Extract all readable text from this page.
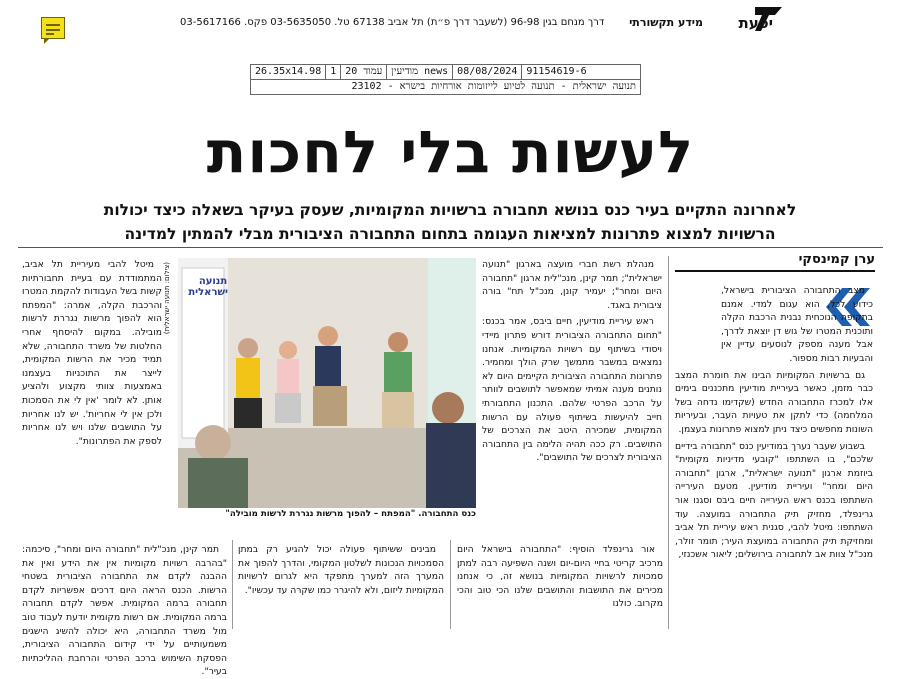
יפעת
מידע תקשורתי
דרך מנחם בגין 96-98 (לשעבר דרך פ״ת) תל אביב 67138 טל. 03-5635050 פקס. 03-5617166
26.35x14.98 1 עמוד 20 news מודיעין 08/08/2024 91154619-6
תנועה ישראלית - תנועה לטיוע לייזומות אורחיות בישרא - 23102
לעשות בלי לחכות
לאחרונה התקיים בעיר כנס בנושא תחבורה ברשויות המקומיות, שעסק בעיקר בשאלה כיצד יכולות
הרשויות למצוא פתרונות למציאות העגומה בתחום התחבורה הציבורית מבלי להמתין למדינה
ערן קמינסקי

מצב התחבורה הציבורית בישראל, כידוע לכל, הוא עגום למדי. אמנם בתקופה הנוכחית נבנית הרכבת הקלה ותוכנית המטרו של גוש דן יוצאת לדרך, אבל מענה מספק לנוסעים עדיין אין והבעיות רבות מספור.

גם ברשויות המקומיות הבינו את חומרת המצב כבר מזמן, כאשר בעיריית מודיעין מתכננים בימים אלו למכרז התחבורה החדש (שקדימו נדחה בשל המלחמה) כדי לתקן את טעויות העבר, ובעיריות השונות מחפשים כיצד ניתן למצוא פתרונות בעצמן.

בשבוע שעבר נערך במודיעין כנס "תחבורה בידיים שלכם", בו השתתפו "קובעי מדיניות מקומית" ביוזמת ארגון "תנועה ישראלית", ארגון "תחבורה היום ומחר" ועיריית מודיעין. מטעם העירייה השתתפו בכנס ראש העירייה חיים ביבס וסגנו אור גרינפלד, מחזיק תיק התחבורה במועצה. עוד השתתפו: מיטל להבי, סגנית ראש עיריית תל אביב ומחזיקת תיק התחבורה במועצת העיר; תומר זולר, מנכ"ל צוות אב לתחבורה בירושלים; ליאור אשכנזי,

מנהלת רשת חברי מועצה בארגון "תנועה ישראלית"; תמר קינן, מנכ"לית ארגון "תחבורה היום ומחר"; יעמיר קונן, מנכ"ל תח" בורה ציבורית באגד.

ראש עיריית מודיעין, חיים ביבס, אמר בכנס: "תחום התחבורה הציבורית דורש פתרון מיידי ויסודי בשיתוף עם רשויות המקומיות. אנחנו נמצאים במשבר מתמשך שרק הולך ומחמיר. פתרונות התחבורה הציבורית הקיימים היום לא נותנים מענה אמיתי שמאפשר לתושבים לוותר על הרכב הפרטי שלהם. התכנון התחבורתי חייב להיעשות בשיתוף פעולה עם הרשות המקומית, שמכירה היטב את הצרכים של התושבים. רק ככה תהיה הלימה בין התחבורה הציבורית לצרכים של התושבים".

אור גרינפלד הוסיף: "התחבורה בישראל היום מרכיב קריטי בחיי היום-יום ושנה השפיעה רבה למתן סמכויות לרשויות המקומיות בנושא זה, כי אנחנו מכירים את התושבות והתושבים שלנו הכי טוב והכי מקרוב. כולנו

מבינים ששיתוף פעולה יכול להגיע רק במתן הסמכויות הנכונות לשלטון המקומי, והדרך להפוך את המערך הזה למערך מתפקד היא לגרום לרשויות המקומיות ליזום, ולא להיגרר כמו שקרה עד עכשיו".

מיטל להבי מעיריית תל אביב, המתמודדת עם בעיית תחבורתיות קשות בשל העבודות להקמת המטרו והרכבת הקלה, אמרה: "המפתח הוא להפוך מרשות נגררת לרשות מובילה. במקום להיסחף אחרי החלטות של משרד התחבורה, שלא תמיד מכיר את הרשות המקומית, לייצר את התוכניות בעצמנו באמצעות צוותי מקצוע ולהציע אותן. לא לומר 'אין לי את הסמכות ולכן אין לי אחריות'. יש לנו אחריות על התושבים שלנו ויש לנו אחריות לספק את הפתרונות".

תמר קינן, מנכ"לית "תחבורה היום ומחר", סיכמה: "בהרבה רשויות מקומיות אין את הידע ואין את ההבנה לקדם את התחבורה הציבורית בשטחי הרשות. הכנס הראה היום דרכים אפשריות לקדם תחבורה ברמה המקומית. אפשר לקדם תחבורה ברמה המקומית. אם רשות מקומית יודעת לעבוד טוב מול משרד התחבורה, היא יכולה להשיג הישגים משמעותיים על ידי קידום התחבורה הציבורית, הפסקת השימוש ברכב הפרטי והרחבת ההליכתיות בעיר".

תנועה
ישראלית
(צילום: תנועה ישראלית)
כנס התחבורה. "המפתח – להפוך מרשות נגררת לרשות מובילה"
